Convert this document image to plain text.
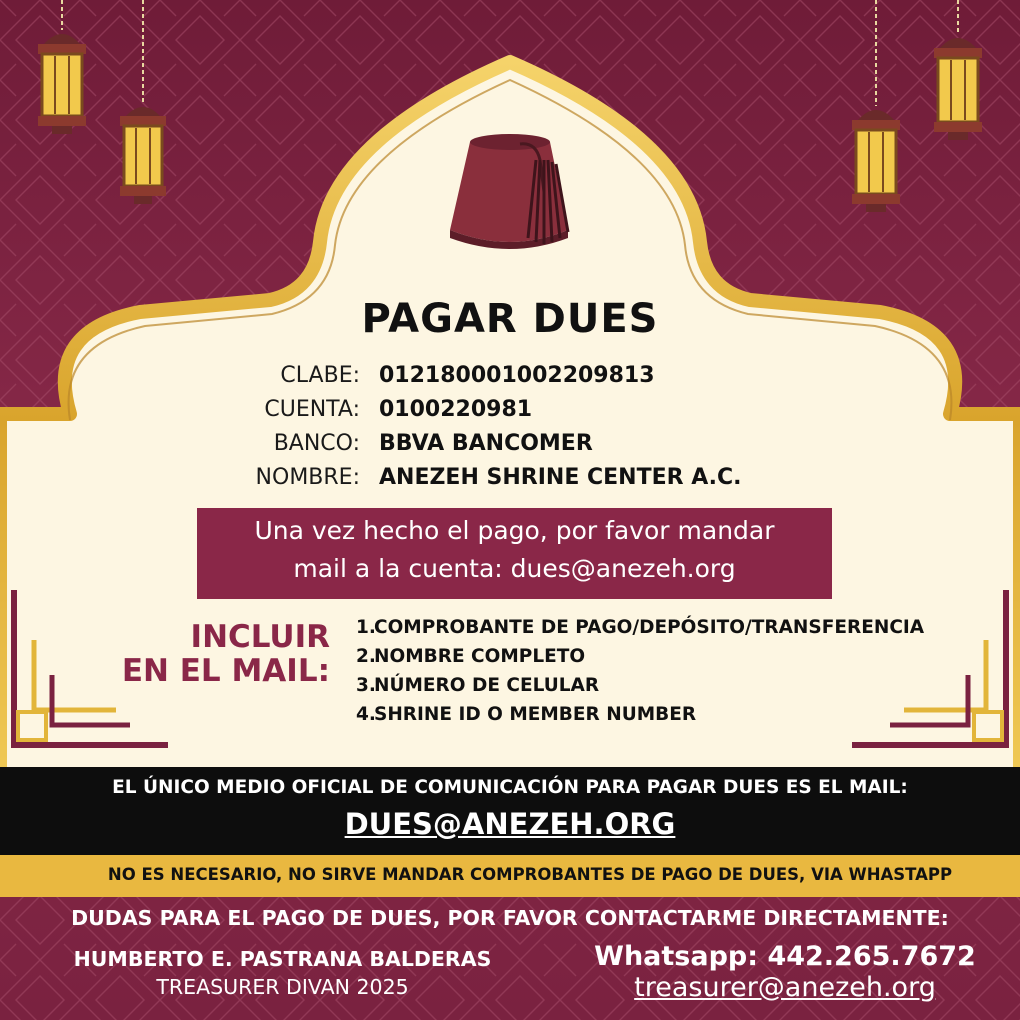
PAGAR DUES
CLABE: 012180001002209813
CUENTA: 0100220981
BANCO: BBVA BANCOMER
NOMBRE: ANEZEH SHRINE CENTER A.C.
Una vez hecho el pago, por favor mandar
mail a la cuenta: dues@anezeh.org
INCLUIR
EN EL MAIL:
1.COMPROBANTE DE PAGO/DEPÓSITO/TRANSFERENCIA
2.NOMBRE COMPLETO
3.NÚMERO DE CELULAR
4.SHRINE ID O MEMBER NUMBER
EL ÚNICO MEDIO OFICIAL DE COMUNICACIÓN PARA PAGAR DUES ES EL MAIL:
DUES@ANEZEH.ORG
NO ES NECESARIO, NO SIRVE MANDAR COMPROBANTES DE PAGO DE DUES, VIA WHASTAPP
DUDAS PARA EL PAGO DE DUES, POR FAVOR CONTACTARME DIRECTAMENTE:
HUMBERTO E. PASTRANA BALDERAS
TREASURER DIVAN 2025
Whatsapp: 442.265.7672
treasurer@anezeh.org
